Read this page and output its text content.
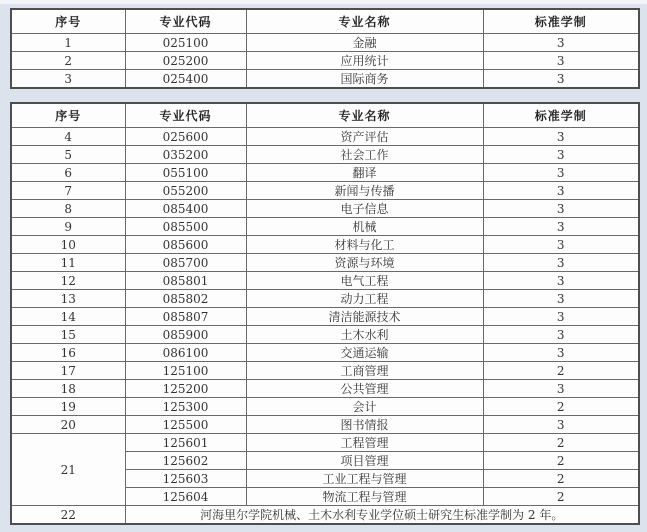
序号	专业代码	专业名称	标准学制
1	025100	金融	3
2	025200	应用统计	3
3	025400	国际商务	3
序号	专业代码	专业名称	标准学制
4	025600	资产评估	3
5	035200	社会工作	3
6	055100	翻译	3
7	055200	新闻与传播	3
8	085400	电子信息	3
9	085500	机械	3
10	085600	材料与化工	3
11	085700	资源与环境	3
12	085801	电气工程	3
13	085802	动力工程	3
14	085807	清洁能源技术	3
15	085900	土木水利	3
16	086100	交通运输	3
17	125100	工商管理	2
18	125200	公共管理	3
19	125300	会计	2
20	125500	图书情报	3
21	125601	工程管理	2
	125602	项目管理	2
	125603	工业工程与管理	2
	125604	物流工程与管理	2
22	河海里尔学院机械、土木水利专业学位硕士研究生标准学制为 2 年。		
